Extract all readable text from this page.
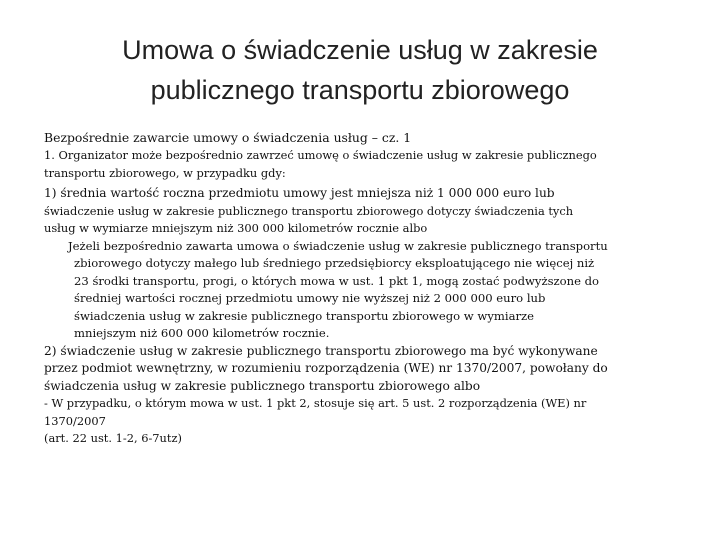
Umowa o świadczenie usług w zakresie
publicznego transportu zbiorowego
Bezpośrednie zawarcie umowy o świadczenia usług – cz. 1
1. Organizator może bezpośrednio zawrzeć umowę o świadczenie usług w zakresie publicznego
transportu zbiorowego, w przypadku gdy:
1) średnia wartość roczna przedmiotu umowy jest mniejsza niż 1 000 000 euro lub
świadczenie usług w zakresie publicznego transportu zbiorowego dotyczy świadczenia tych
usług w wymiarze mniejszym niż 300 000 kilometrów rocznie albo
Jeżeli bezpośrednio zawarta umowa o świadczenie usług w zakresie publicznego transportu
zbiorowego dotyczy małego lub średniego przedsiębiorcy eksploatującego nie więcej niż
23 środki transportu, progi, o których mowa w ust. 1 pkt 1, mogą zostać podwyższone do
średniej wartości rocznej przedmiotu umowy nie wyższej niż 2 000 000 euro lub
świadczenia usług w zakresie publicznego transportu zbiorowego w wymiarze
mniejszym niż 600 000 kilometrów rocznie.
2) świadczenie usług w zakresie publicznego transportu zbiorowego ma być wykonywane
przez podmiot wewnętrzny, w rozumieniu rozporządzenia (WE) nr 1370/2007, powołany do
świadczenia usług w zakresie publicznego transportu zbiorowego albo
- W przypadku, o którym mowa w ust. 1 pkt 2, stosuje się art. 5 ust. 2 rozporządzenia (WE) nr
1370/2007
(art. 22 ust. 1-2, 6-7utz)
